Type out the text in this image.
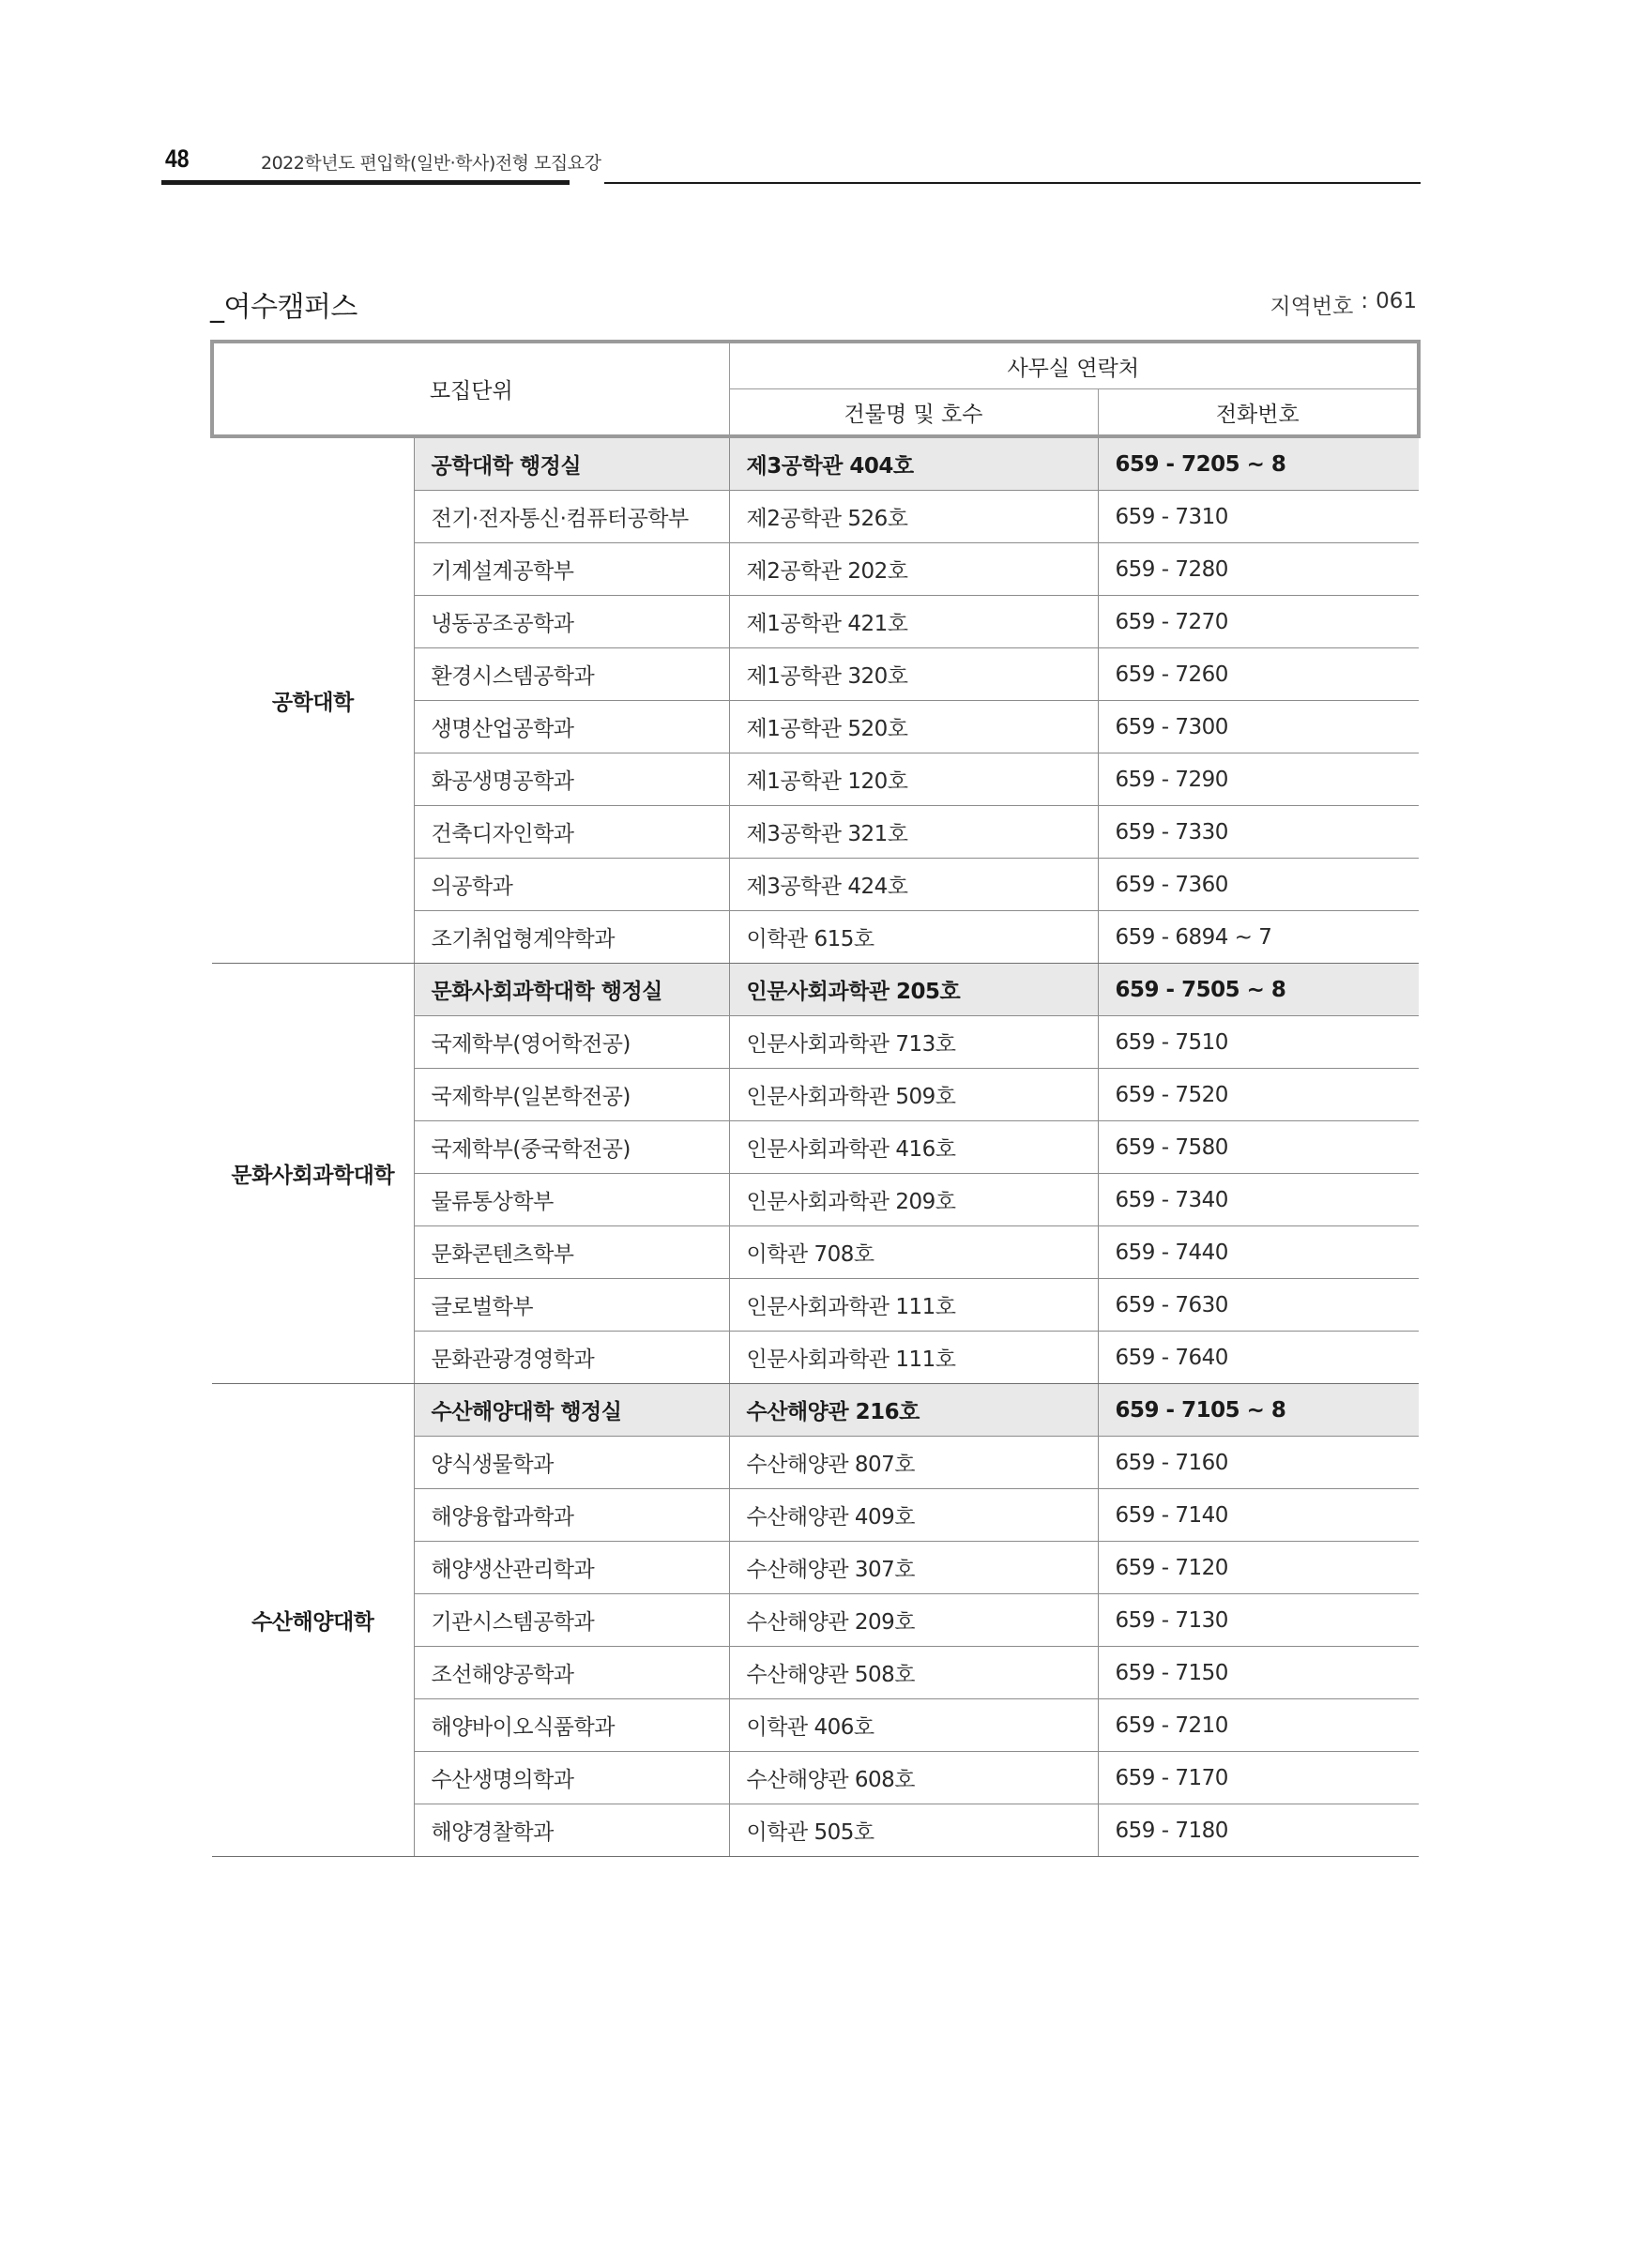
48	2022학년도 편입학(일반·학사)전형 모집요강
_여수캠퍼스	지역번호 : 061
모집단위		사무실 연락처	
		건물명 및 호수	전화번호
공학대학	공학대학 행정실	제3공학관 404호	659 - 7205 ~ 8
	전기·전자통신·컴퓨터공학부	제2공학관 526호	659 - 7310
	기계설계공학부	제2공학관 202호	659 - 7280
	냉동공조공학과	제1공학관 421호	659 - 7270
	환경시스템공학과	제1공학관 320호	659 - 7260
	생명산업공학과	제1공학관 520호	659 - 7300
	화공생명공학과	제1공학관 120호	659 - 7290
	건축디자인학과	제3공학관 321호	659 - 7330
	의공학과	제3공학관 424호	659 - 7360
	조기취업형계약학과	이학관 615호	659 - 6894 ~ 7
문화사회과학대학	문화사회과학대학 행정실	인문사회과학관 205호	659 - 7505 ~ 8
	국제학부(영어학전공)	인문사회과학관 713호	659 - 7510
	국제학부(일본학전공)	인문사회과학관 509호	659 - 7520
	국제학부(중국학전공)	인문사회과학관 416호	659 - 7580
	물류통상학부	인문사회과학관 209호	659 - 7340
	문화콘텐츠학부	이학관 708호	659 - 7440
	글로벌학부	인문사회과학관 111호	659 - 7630
	문화관광경영학과	인문사회과학관 111호	659 - 7640
수산해양대학	수산해양대학 행정실	수산해양관 216호	659 - 7105 ~ 8
	양식생물학과	수산해양관 807호	659 - 7160
	해양융합과학과	수산해양관 409호	659 - 7140
	해양생산관리학과	수산해양관 307호	659 - 7120
	기관시스템공학과	수산해양관 209호	659 - 7130
	조선해양공학과	수산해양관 508호	659 - 7150
	해양바이오식품학과	이학관 406호	659 - 7210
	수산생명의학과	수산해양관 608호	659 - 7170
	해양경찰학과	이학관 505호	659 - 7180
